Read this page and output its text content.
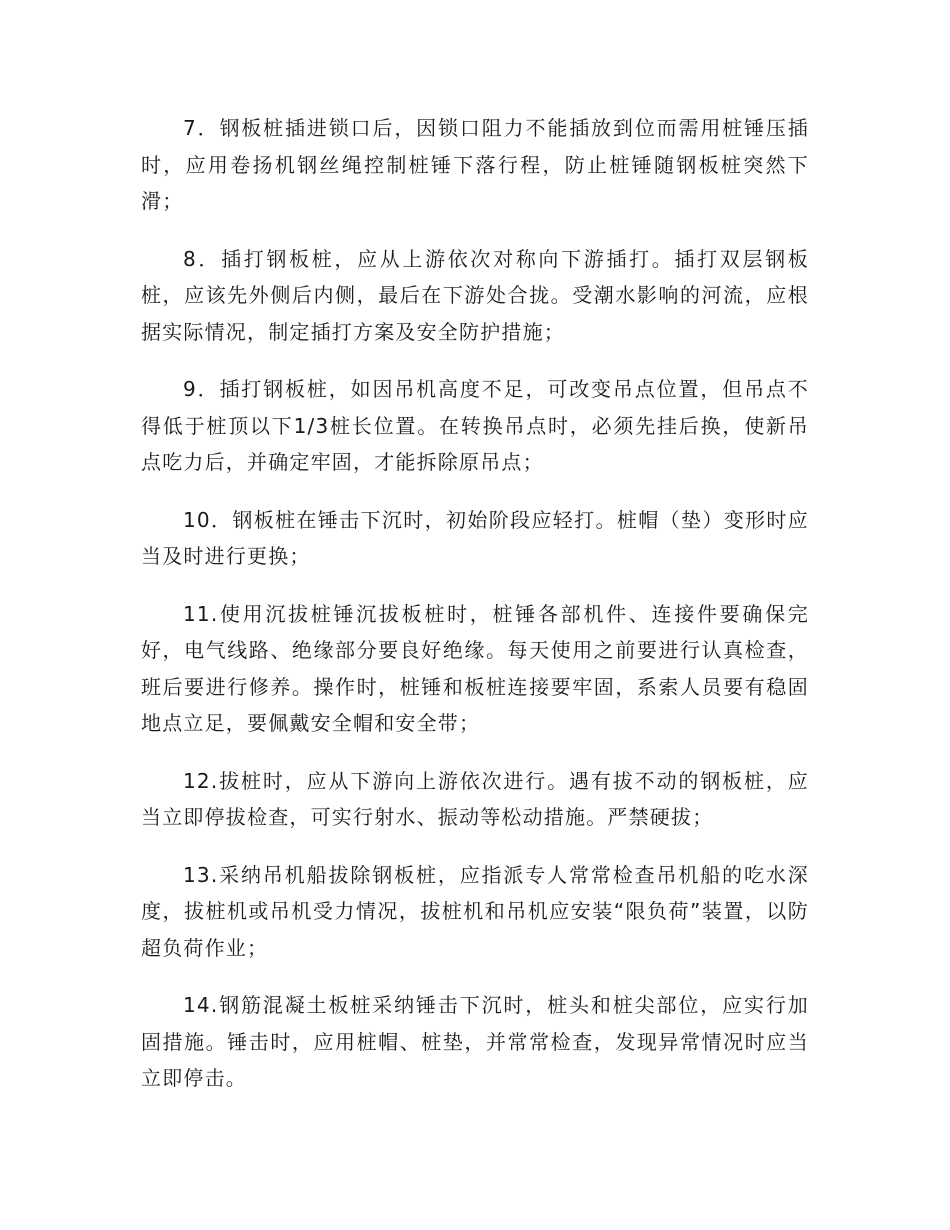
7．钢板桩插进锁口后，因锁口阻力不能插放到位而需用桩锤压插时，应用卷扬机钢丝绳控制桩锤下落行程，防止桩锤随钢板桩突然下滑；

8．插打钢板桩，应从上游依次对称向下游插打。插打双层钢板桩，应该先外侧后内侧，最后在下游处合拢。受潮水影响的河流，应根据实际情况，制定插打方案及安全防护措施；

9．插打钢板桩，如因吊机高度不足，可改变吊点位置，但吊点不得低于桩顶以下1/3桩长位置。在转换吊点时，必须先挂后换，使新吊点吃力后，并确定牢固，才能拆除原吊点；

10．钢板桩在锤击下沉时，初始阶段应轻打。桩帽（垫）变形时应当及时进行更换；

11.使用沉拔桩锤沉拔板桩时，桩锤各部机件、连接件要确保完好，电气线路、绝缘部分要良好绝缘。每天使用之前要进行认真检查，班后要进行修养。操作时，桩锤和板桩连接要牢固，系索人员要有稳固地点立足，要佩戴安全帽和安全带；

12.拔桩时，应从下游向上游依次进行。遇有拔不动的钢板桩，应当立即停拔检查，可实行射水、振动等松动措施。严禁硬拔；

13.采纳吊机船拔除钢板桩，应指派专人常常检查吊机船的吃水深度，拔桩机或吊机受力情况，拔桩机和吊机应安装“限负荷”装置，以防超负荷作业；

14.钢筋混凝土板桩采纳锤击下沉时，桩头和桩尖部位，应实行加固措施。锤击时，应用桩帽、桩垫，并常常检查，发现异常情况时应当立即停击。
